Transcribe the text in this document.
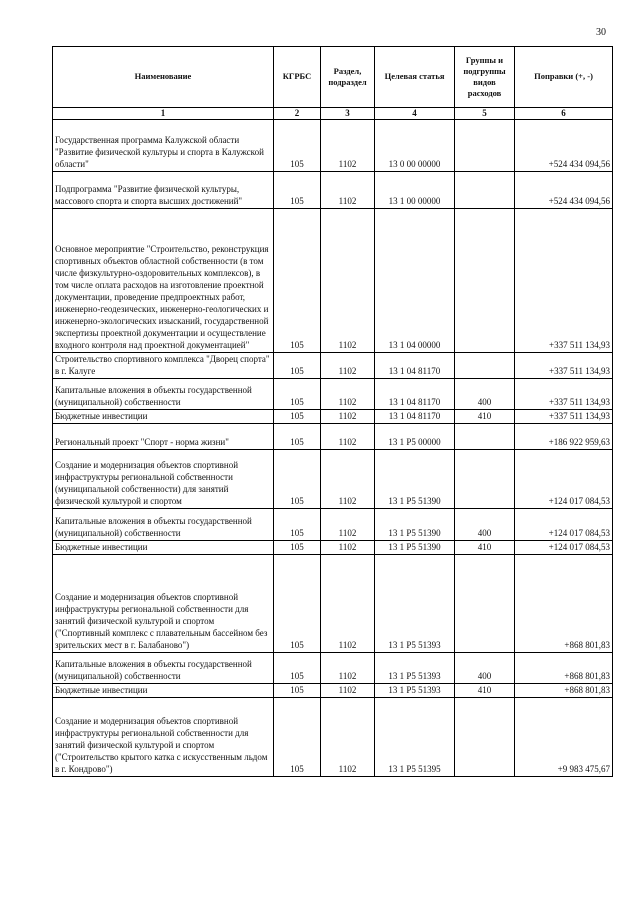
30
Наименование	КГРБС	Раздел, подраздел	Целевая статья	Группы и подгруппы видов расходов	Поправки (+, -)
1	2	3	4	5	6
Государственная программа Калужской области "Развитие физической культуры и спорта в Калужской области"	105	1102	13 0 00 00000		+524 434 094,56
Подпрограмма "Развитие физической культуры, массового спорта и спорта высших достижений"	105	1102	13 1 00 00000		+524 434 094,56
Основное мероприятие "Строительство, реконструкция спортивных объектов областной собственности (в том числе физкультурно-оздоровительных комплексов), в том числе оплата расходов на изготовление проектной документации, проведение предпроектных работ, инженерно-геодезических, инженерно-геологических и инженерно-экологических изысканий, государственной экспертизы проектной документации и осуществление входного контроля над проектной документацией"	105	1102	13 1 04 00000		+337 511 134,93
Строительство спортивного комплекса "Дворец спорта" в г. Калуге	105	1102	13 1 04 81170		+337 511 134,93
Капитальные вложения в объекты государственной (муниципальной) собственности	105	1102	13 1 04 81170	400	+337 511 134,93
Бюджетные инвестиции	105	1102	13 1 04 81170	410	+337 511 134,93
Региональный проект "Спорт - норма жизни"	105	1102	13 1 Р5 00000		+186 922 959,63
Создание и модернизация объектов спортивной инфраструктуры региональной собственности (муниципальной собственности) для занятий физической культурой и спортом	105	1102	13 1 Р5 51390		+124 017 084,53
Капитальные вложения в объекты государственной (муниципальной) собственности	105	1102	13 1 Р5 51390	400	+124 017 084,53
Бюджетные инвестиции	105	1102	13 1 Р5 51390	410	+124 017 084,53
Создание и модернизация объектов спортивной инфраструктуры региональной собственности для занятий физической культурой и спортом ("Спортивный комплекс с плавательным бассейном без зрительских мест в г. Балабаново")	105	1102	13 1 Р5 51393		+868 801,83
Капитальные вложения в объекты государственной (муниципальной) собственности	105	1102	13 1 Р5 51393	400	+868 801,83
Бюджетные инвестиции	105	1102	13 1 Р5 51393	410	+868 801,83
Создание и модернизация объектов спортивной инфраструктуры региональной собственности для занятий физической культурой и спортом ("Строительство крытого катка с искусственным льдом в г. Кондрово")	105	1102	13 1 Р5 51395		+9 983 475,67
